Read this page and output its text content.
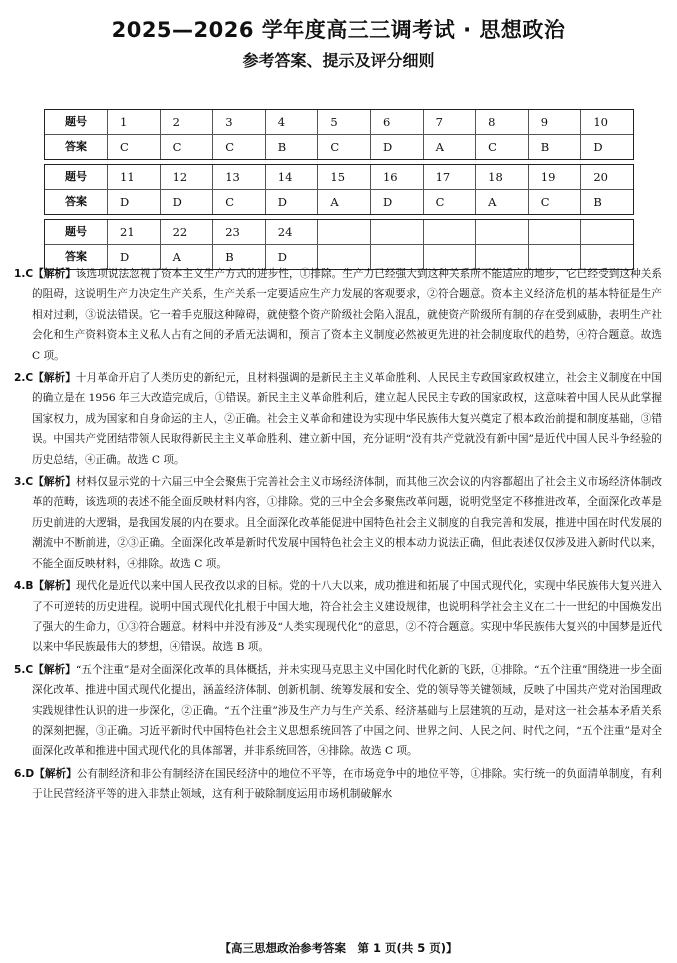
2025—2026 学年度高三三调考试 · 思想政治
参考答案、提示及评分细则
题号	1	2	3	4	5	6	7	8	9	10
答案	C	C	C	B	C	D	A	C	B	D
题号	11	12	13	14	15	16	17	18	19	20
答案	D	D	C	D	A	D	C	A	C	B
题号	21	22	23	24
答案	D	A	B	D

1.C【解析】该选项说法忽视了资本主义生产方式的进步性，①排除。生产力已经强大到这种关系所不能适应的地步，它已经受到这种关系的阻碍，这说明生产力决定生产关系，生产关系一定要适应生产力发展的客观要求，②符合题意。资本主义经济危机的基本特征是生产相对过剩，③说法错误。它一着手克服这种障碍，就使整个资产阶级社会陷入混乱，就使资产阶级所有制的存在受到威胁，表明生产社会化和生产资料资本主义私人占有之间的矛盾无法调和，预言了资本主义制度必然被更先进的社会制度取代的趋势，④符合题意。故选 C 项。

2.C【解析】十月革命开启了人类历史的新纪元，且材料强调的是新民主主义革命胜利、人民民主专政国家政权建立，社会主义制度在中国的确立是在 1956 年三大改造完成后，①错误。新民主主义革命胜利后，建立起人民民主专政的国家政权，这意味着中国人民从此掌握国家权力，成为国家和自身命运的主人，②正确。社会主义革命和建设为实现中华民族伟大复兴奠定了根本政治前提和制度基础，③错误。中国共产党团结带领人民取得新民主主义革命胜利、建立新中国，充分证明“没有共产党就没有新中国”是近代中国人民斗争经验的历史总结，④正确。故选 C 项。

3.C【解析】材料仅显示党的十六届三中全会聚焦于完善社会主义市场经济体制，而其他三次会议的内容都超出了社会主义市场经济体制改革的范畴，该选项的表述不能全面反映材料内容，①排除。党的三中全会多聚焦改革问题，说明党坚定不移推进改革，全面深化改革是历史前进的大逻辑，是我国发展的内在要求。且全面深化改革能促进中国特色社会主义制度的自我完善和发展，推进中国在时代发展的潮流中不断前进，②③正确。全面深化改革是新时代发展中国特色社会主义的根本动力说法正确，但此表述仅仅涉及进入新时代以来，不能全面反映材料，④排除。故选 C 项。

4.B【解析】现代化是近代以来中国人民孜孜以求的目标。党的十八大以来，成功推进和拓展了中国式现代化，实现中华民族伟大复兴进入了不可逆转的历史进程。说明中国式现代化扎根于中国大地，符合社会主义建设规律，也说明科学社会主义在二十一世纪的中国焕发出了强大的生命力，①③符合题意。材料中并没有涉及“人类实现现代化”的意思，②不符合题意。实现中华民族伟大复兴的中国梦是近代以来中华民族最伟大的梦想，④错误。故选 B 项。

5.C【解析】“五个注重”是对全面深化改革的具体概括，并未实现马克思主义中国化时代化新的飞跃，①排除。“五个注重”围绕进一步全面深化改革、推进中国式现代化提出，涵盖经济体制、创新机制、统筹发展和安全、党的领导等关键领域，反映了中国共产党对治国理政实践规律性认识的进一步深化，②正确。“五个注重”涉及生产力与生产关系、经济基础与上层建筑的互动，是对这一社会基本矛盾关系的深刻把握，③正确。习近平新时代中国特色社会主义思想系统回答了中国之问、世界之问、人民之问、时代之问，“五个注重”是对全面深化改革和推进中国式现代化的具体部署，并非系统回答，④排除。故选 C 项。

6.D【解析】公有制经济和非公有制经济在国民经济中的地位不平等，在市场竞争中的地位平等，①排除。实行统一的负面清单制度，有利于让民营经济平等的进入非禁止领域，这有利于破除制度运用市场机制破解水

【高三思想政治参考答案　第 1 页(共 5 页)】
